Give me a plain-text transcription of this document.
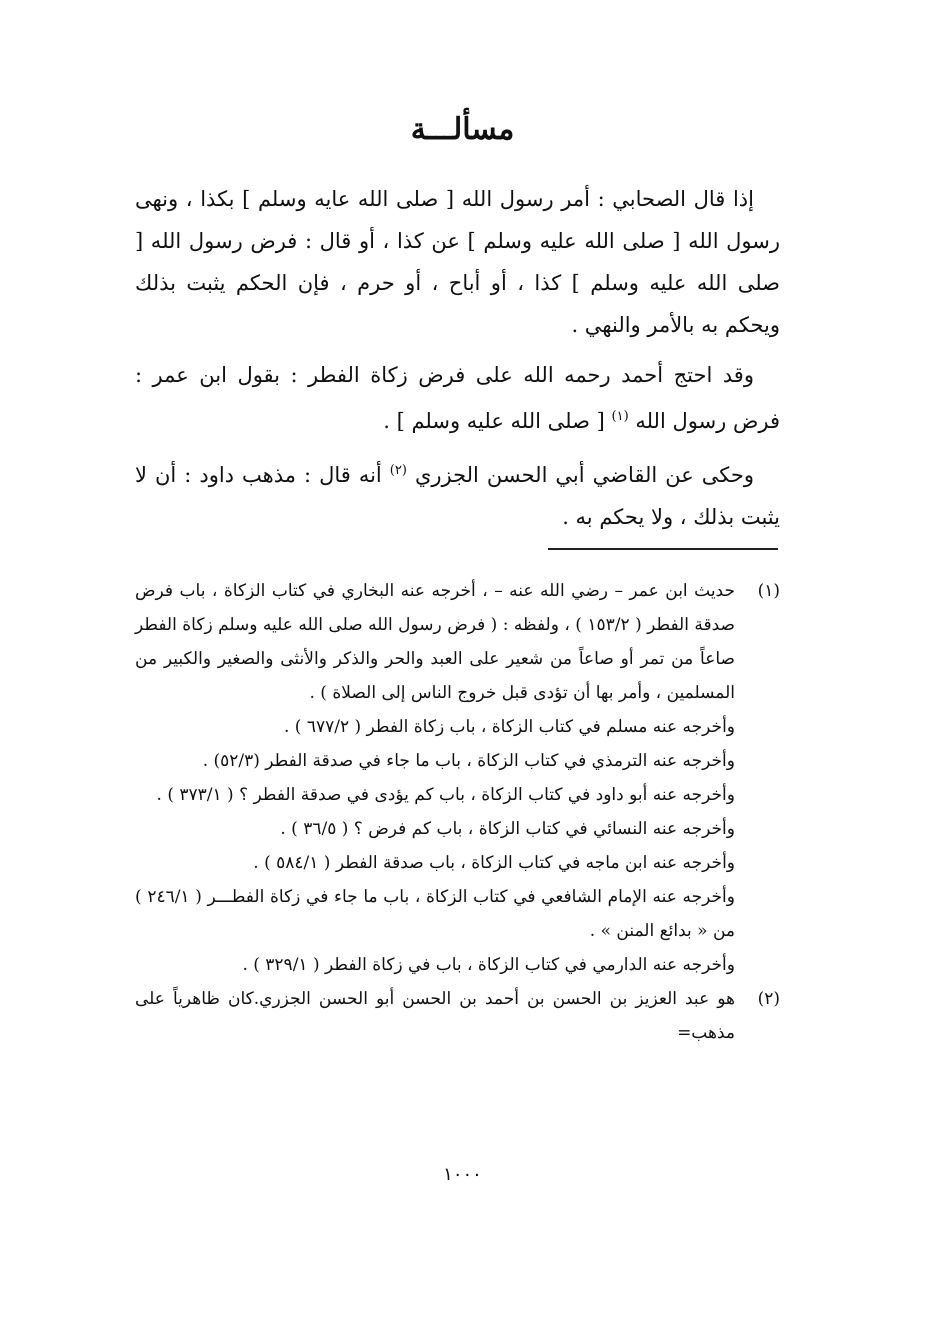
مسألـــة

إذا قال الصحابي : أمر رسول الله [ صلى الله عايه وسلم ] بكذا ، ونهى رسول الله [ صلى الله عليه وسلم ] عن كذا ، أو قال : فرض رسول الله [ صلى الله عليه وسلم ] كذا ، أو أباح ، أو حرم ، فإن الحكم يثبت بذلك ويحكم به بالأمر والنهي .

وقد احتج أحمد رحمه الله على فرض زكاة الفطر : بقول ابن عمر : فرض رسول الله $^{(١)}$ [ صلى الله عليه وسلم ] .

وحكى عن القاضي أبي الحسن الجزري $^{(٢)}$ أنه قال : مذهب داود : أن لا يثبت بذلك ، ولا يحكم به .

(١)

حديث ابن عمر – رضي الله عنه – ، أخرجه عنه البخاري في كتاب الزكاة ، باب فرض صدقة الفطر ( ١٥٣/٢ ) ، ولفظه : ( فرض رسول الله صلى الله عليه وسلم زكاة الفطر صاعاً من تمر أو صاعاً من شعير على العبد والحر والذكر والأنثى والصغير والكبير من المسلمين ، وأمر بها أن تؤدى قبل خروج الناس إلى الصلاة ) .

وأخرجه عنه مسلم في كتاب الزكاة ، باب زكاة الفطر ( ٦٧٧/٢ ) .

وأخرجه عنه الترمذي في كتاب الزكاة ، باب ما جاء في صدقة الفطر (٥٢/٣) .

وأخرجه عنه أبو داود في كتاب الزكاة ، باب كم يؤدى في صدقة الفطر ؟ ( ٣٧٣/١ ) .

وأخرجه عنه النسائي في كتاب الزكاة ، باب كم فرض ؟ ( ٣٦/٥ ) .

وأخرجه عنه ابن ماجه في كتاب الزكاة ، باب صدقة الفطر ( ٥٨٤/١ ) .

وأخرجه عنه الإمام الشافعي في كتاب الزكاة ، باب ما جاء في زكاة الفطـــر ( ٢٤٦/١ ) من « بدائع المنن » .

وأخرجه عنه الدارمي في كتاب الزكاة ، باب في زكاة الفطر ( ٣٢٩/١ ) .

(٢)

هو عبد العزيز بن الحسن بن أحمد بن الحسن أبو الحسن الجزري.كان ظاهرياً على مذهب=

١٠٠٠
